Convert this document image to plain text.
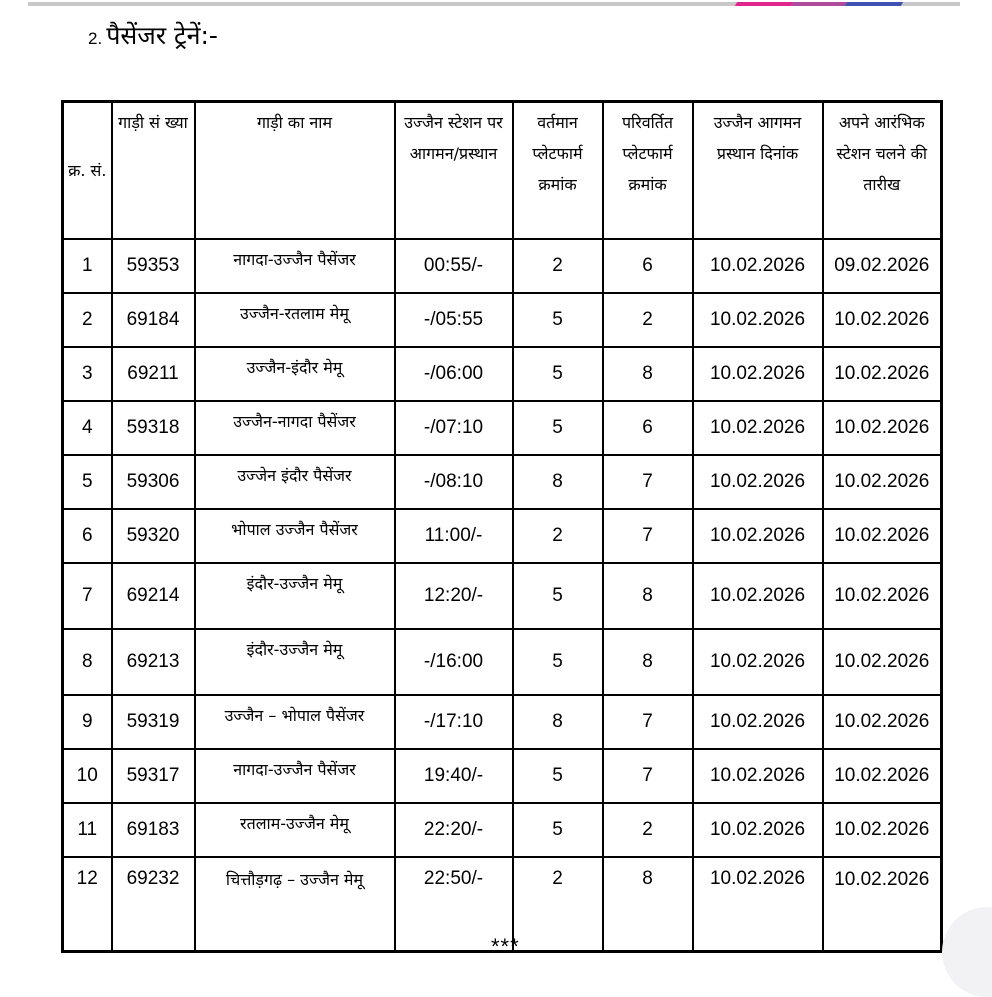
2. पैसेंजर ट्रेनें:-
क्र. सं.	गाड़ी सं ख्या	गाड़ी का नाम	उज्जैन स्टेशन पर आगमन/प्रस्थान	वर्तमान प्लेटफार्म क्रमांक	परिवर्तित प्लेटफार्म क्रमांक	उज्जैन आगमन प्रस्थान दिनांक	अपने आरंभिक स्टेशन चलने की तारीख
1	59353	नागदा-उज्जैन पैसेंजर	00:55/-	2	6	10.02.2026	09.02.2026
2	69184	उज्जैन-रतलाम मेमू	-/05:55	5	2	10.02.2026	10.02.2026
3	69211	उज्जैन-इंदौर मेमू	-/06:00	5	8	10.02.2026	10.02.2026
4	59318	उज्जैन-नागदा पैसेंजर	-/07:10	5	6	10.02.2026	10.02.2026
5	59306	उज्जेन इंदौर पैसेंजर	-/08:10	8	7	10.02.2026	10.02.2026
6	59320	भोपाल उज्जैन पैसेंजर	11:00/-	2	7	10.02.2026	10.02.2026
7	69214	इंदौर-उज्जैन मेमू	12:20/-	5	8	10.02.2026	10.02.2026
8	69213	इंदौर-उज्जैन मेमू	-/16:00	5	8	10.02.2026	10.02.2026
9	59319	उज्जैन – भोपाल पैसेंजर	-/17:10	8	7	10.02.2026	10.02.2026
10	59317	नागदा-उज्जैन पैसेंजर	19:40/-	5	7	10.02.2026	10.02.2026
11	69183	रतलाम-उज्जैन मेमू	22:20/-	5	2	10.02.2026	10.02.2026
12	69232	चित्तौड़गढ़ – उज्जैन मेमू	22:50/-	2	8	10.02.2026	10.02.2026
***
